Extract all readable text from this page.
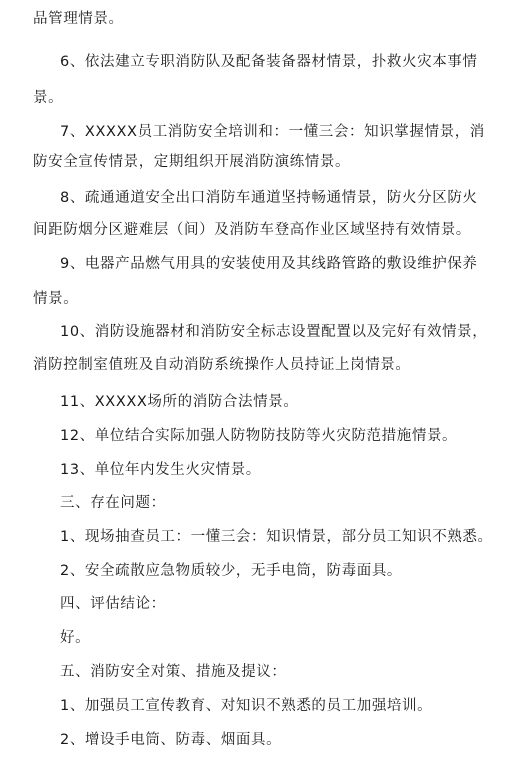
品管理情景。
6、依法建立专职消防队及配备装备器材情景，扑救火灾本事情
景。
7、XXXXX员工消防安全培训和：一懂三会：知识掌握情景，消
防安全宣传情景，定期组织开展消防演练情景。
8、疏通通道安全出口消防车通道坚持畅通情景，防火分区防火
间距防烟分区避难层（间）及消防车登高作业区域坚持有效情景。
9、电器产品燃气用具的安装使用及其线路管路的敷设维护保养
情景。
10、消防设施器材和消防安全标志设置配置以及完好有效情景，
消防控制室值班及自动消防系统操作人员持证上岗情景。
11、XXXXX场所的消防合法情景。
12、单位结合实际加强人防物防技防等火灾防范措施情景。
13、单位年内发生火灾情景。
三、存在问题：
1、现场抽查员工：一懂三会：知识情景，部分员工知识不熟悉。
2、安全疏散应急物质较少，无手电筒，防毒面具。
四、评估结论：
好。
五、消防安全对策、措施及提议：
1、加强员工宣传教育、对知识不熟悉的员工加强培训。
2、增设手电筒、防毒、烟面具。
